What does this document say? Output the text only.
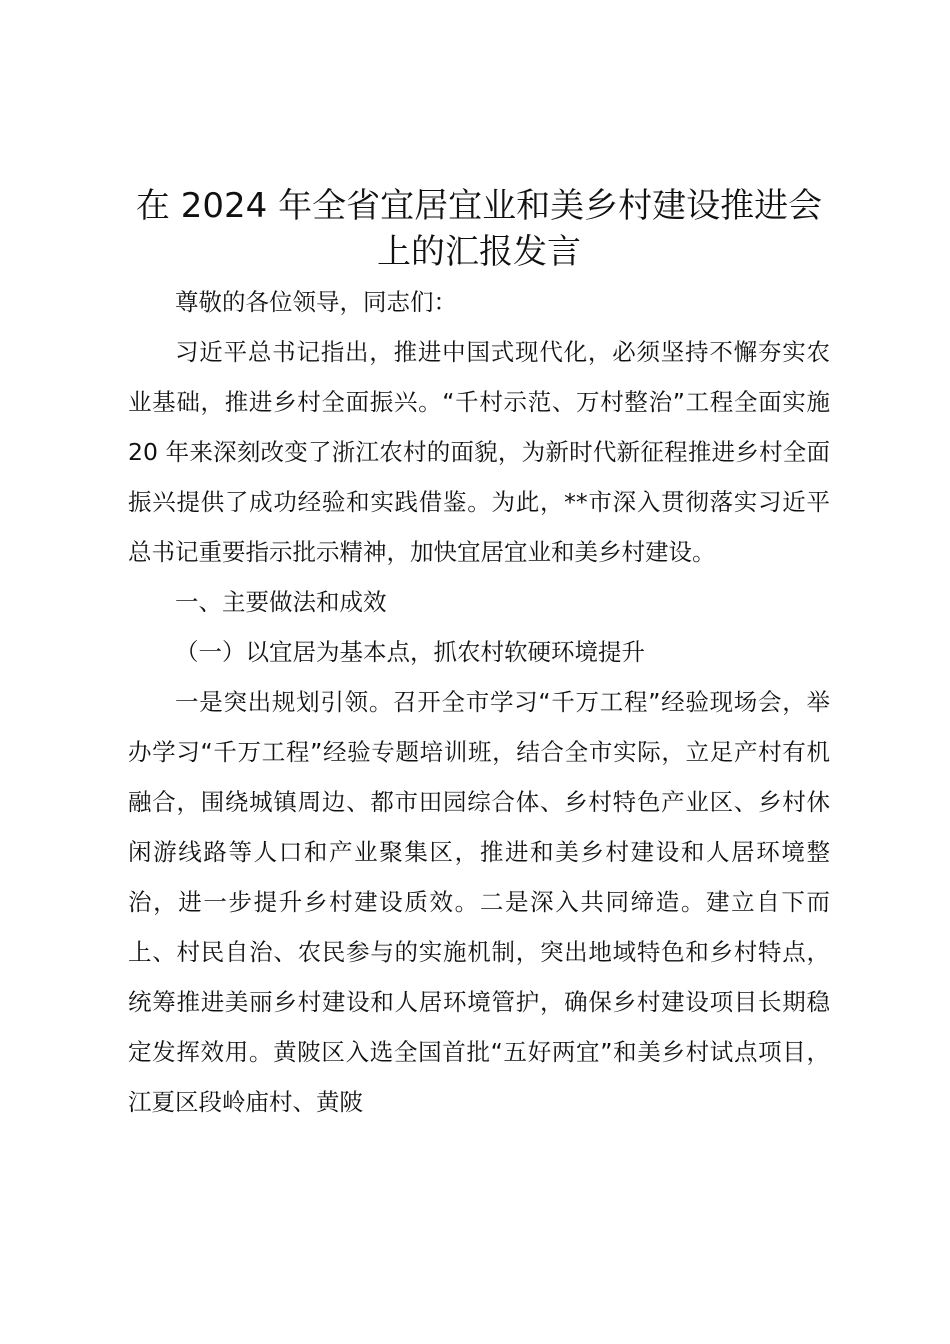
在 2024 年全省宜居宜业和美乡村建设推进会
上的汇报发言

尊敬的各位领导，同志们：

习近平总书记指出，推进中国式现代化，必须坚持不懈夯实农业基础，推进乡村全面振兴。“千村示范、万村整治”工程全面实施 20 年来深刻改变了浙江农村的面貌，为新时代新征程推进乡村全面振兴提供了成功经验和实践借鉴。为此，**市深入贯彻落实习近平总书记重要指示批示精神，加快宜居宜业和美乡村建设。

一、主要做法和成效

（一）以宜居为基本点，抓农村软硬环境提升

一是突出规划引领。召开全市学习“千万工程”经验现场会，举办学习“千万工程”经验专题培训班，结合全市实际，立足产村有机融合，围绕城镇周边、都市田园综合体、乡村特色产业区、乡村休闲游线路等人口和产业聚集区，推进和美乡村建设和人居环境整治，进一步提升乡村建设质效。二是深入共同缔造。建立自下而上、村民自治、农民参与的实施机制，突出地域特色和乡村特点，统筹推进美丽乡村建设和人居环境管护，确保乡村建设项目长期稳定发挥效用。黄陂区入选全国首批“五好两宜”和美乡村试点项目，江夏区段岭庙村、黄陂
